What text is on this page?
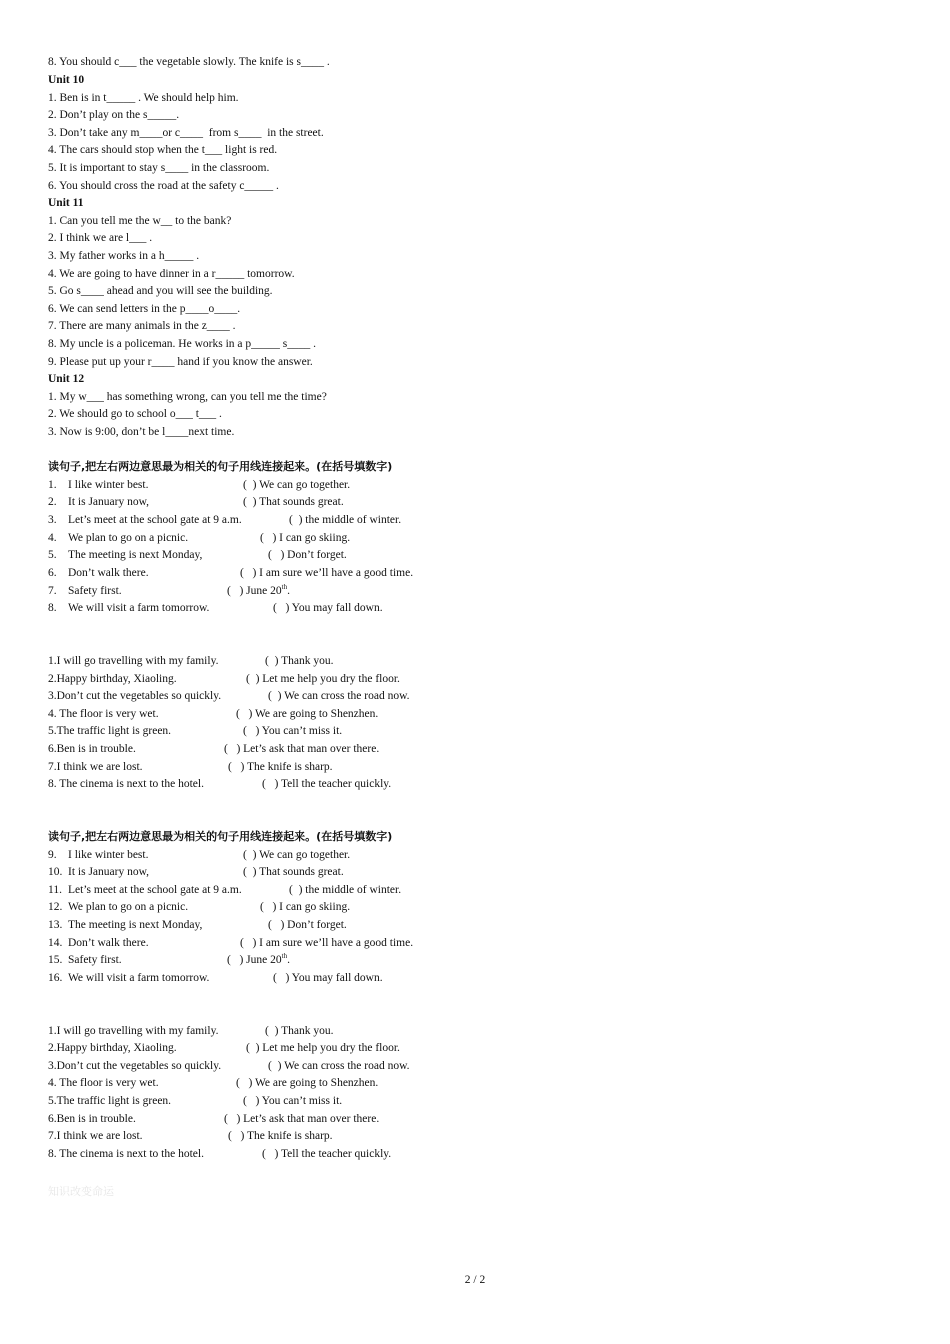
8. You should c___ the vegetable slowly. The knife is s____ .
Unit 10
1. Ben is in t_____ . We should help him.
2. Don’t play on the s_____.
3. Don’t take any m____or c____  from s____  in the street.
4. The cars should stop when the t___ light is red.
5. It is important to stay s____ in the classroom.
6. You should cross the road at the safety c_____ .
Unit 11
1. Can you tell me the w__ to the bank?
2. I think we are l___ .
3. My father works in a h_____ .
4. We are going to have dinner in a r_____ tomorrow.
5. Go s____ ahead and you will see the building.
6. We can send letters in the p____o____.
7. There are many animals in the z____ .
8. My uncle is a policeman. He works in a p_____ s____ .
9. Please put up your r____ hand if you know the answer.
Unit 12
1. My w___ has something wrong, can you tell me the time?
2. We should go to school o___ t___ .
3. Now is 9:00, don’t be l____next time.
读句子,把左右两边意思最为相关的句子用线连接起来。(在括号填数字)
1. I like winter best.	(  ) We can go together.
2. It is January now,	(  ) That sounds great.
3. Let’s meet at the school gate at 9 a.m.	(  ) the middle of winter.
4. We plan to go on a picnic.	(   ) I can go skiing.
5. The meeting is next Monday,	(   ) Don’t forget.
6. Don’t walk there.	(   ) I am sure we’ll have a good time.
7. Safety first.	(   ) June 20th.
8. We will visit a farm tomorrow.	(   ) You may fall down.
1.I will go travelling with my family.	(  ) Thank you.
2.Happy birthday, Xiaoling.	(  ) Let me help you dry the floor.
3.Don’t cut the vegetables so quickly.	(  ) We can cross the road now.
4. The floor is very wet.	(   ) We are going to Shenzhen.
5.The traffic light is green.	(   ) You can’t miss it.
6.Ben is in trouble.	(   ) Let’s ask that man over there.
7.I think we are lost.	(   ) The knife is sharp.
8. The cinema is next to the hotel.	(   ) Tell the teacher quickly.
读句子,把左右两边意思最为相关的句子用线连接起来。(在括号填数字)
9. I like winter best.	(  ) We can go together.
10. It is January now,	(  ) That sounds great.
11. Let’s meet at the school gate at 9 a.m.	(  ) the middle of winter.
12. We plan to go on a picnic.	(   ) I can go skiing.
13. The meeting is next Monday,	(   ) Don’t forget.
14. Don’t walk there.	(   ) I am sure we’ll have a good time.
15. Safety first.	(   ) June 20th.
16. We will visit a farm tomorrow.	(   ) You may fall down.
1.I will go travelling with my family.	(  ) Thank you.
2.Happy birthday, Xiaoling.	(  ) Let me help you dry the floor.
3.Don’t cut the vegetables so quickly.	(  ) We can cross the road now.
4. The floor is very wet.	(   ) We are going to Shenzhen.
5.The traffic light is green.	(   ) You can’t miss it.
6.Ben is in trouble.	(   ) Let’s ask that man over there.
7.I think we are lost.	(   ) The knife is sharp.
8. The cinema is next to the hotel.	(   ) Tell the teacher quickly.
知识改变命运
2 / 2
